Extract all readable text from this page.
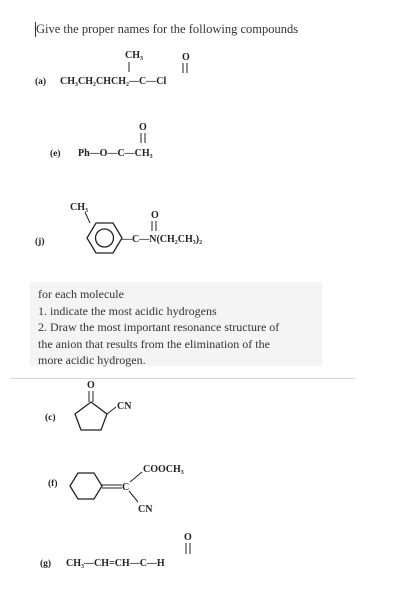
Give the proper names for the following compounds
CH₃	O
(a) CH₃CH₂CHCH₂—C—Cl
O
(e) Ph—O—C—CH₃
(j)
CH₃
O
—C—N(CH₂CH₃)₂

for each molecule
1. indicate the most acidic hydrogens
2. Draw the most important resonance structure of
the anion that results from the elimination of the
more acidic hydrogen.

(c)
O
CN
(f)	C
COOCH₃
CN
O
(g) CH₃—CH=CH—C—H
